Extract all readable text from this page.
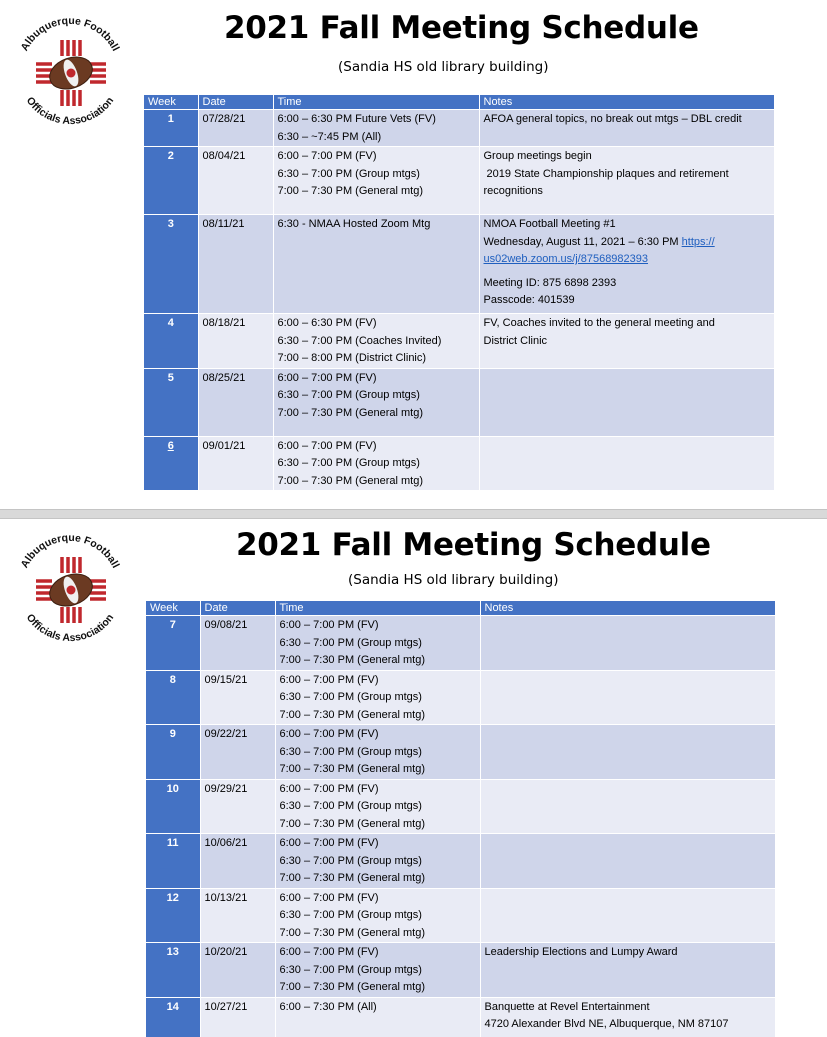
Albuquerque Football
Officials Association
2021 Fall Meeting Schedule
(Sandia HS old library building)
Week	Date	Time	Notes
1	07/28/21	6:00 – 6:30 PM Future Vets (FV)
6:30 – ~7:45 PM (All)	AFOA general topics, no break out mtgs – DBL credit

2	08/04/21	6:00 – 7:00 PM (FV)
6:30 – 7:00 PM (Group mtgs)
7:00 – 7:30 PM (General mtg)	Group meetings begin
2019 State Championship plaques and retirement
recognitions

3	08/11/21	6:30 - NMAA Hosted Zoom Mtg	NMOA Football Meeting #1
Wednesday, August 11, 2021 – 6:30 PM https://
us02web.zoom.us/j/87568982393
Meeting ID: 875 6898 2393
Passcode: 401539

4	08/18/21	6:00 – 6:30 PM (FV)
6:30 – 7:00 PM (Coaches Invited)
7:00 – 8:00 PM (District Clinic)	FV, Coaches invited to the general meeting and
District Clinic

5	08/25/21	6:00 – 7:00 PM (FV)
6:30 – 7:00 PM (Group mtgs)
7:00 – 7:30 PM (General mtg)	

6	09/01/21	6:00 – 7:00 PM (FV)
6:30 – 7:00 PM (Group mtgs)
7:00 – 7:30 PM (General mtg)	

Albuquerque Football
Officials Association
2021 Fall Meeting Schedule
(Sandia HS old library building)
Week	Date	Time	Notes
7	09/08/21	6:00 – 7:00 PM (FV)
6:30 – 7:00 PM (Group mtgs)
7:00 – 7:30 PM (General mtg)	

8	09/15/21	6:00 – 7:00 PM (FV)
6:30 – 7:00 PM (Group mtgs)
7:00 – 7:30 PM (General mtg)	

9	09/22/21	6:00 – 7:00 PM (FV)
6:30 – 7:00 PM (Group mtgs)
7:00 – 7:30 PM (General mtg)	

10	09/29/21	6:00 – 7:00 PM (FV)
6:30 – 7:00 PM (Group mtgs)
7:00 – 7:30 PM (General mtg)	

11	10/06/21	6:00 – 7:00 PM (FV)
6:30 – 7:00 PM (Group mtgs)
7:00 – 7:30 PM (General mtg)	

12	10/13/21	6:00 – 7:00 PM (FV)
6:30 – 7:00 PM (Group mtgs)
7:00 – 7:30 PM (General mtg)	

13	10/20/21	6:00 – 7:00 PM (FV)
6:30 – 7:00 PM (Group mtgs)
7:00 – 7:30 PM (General mtg)	Leadership Elections and Lumpy Award

14	10/27/21	6:00 – 7:30 PM (All)	Banquette at Revel Entertainment
4720 Alexander Blvd NE, Albuquerque, NM 87107
